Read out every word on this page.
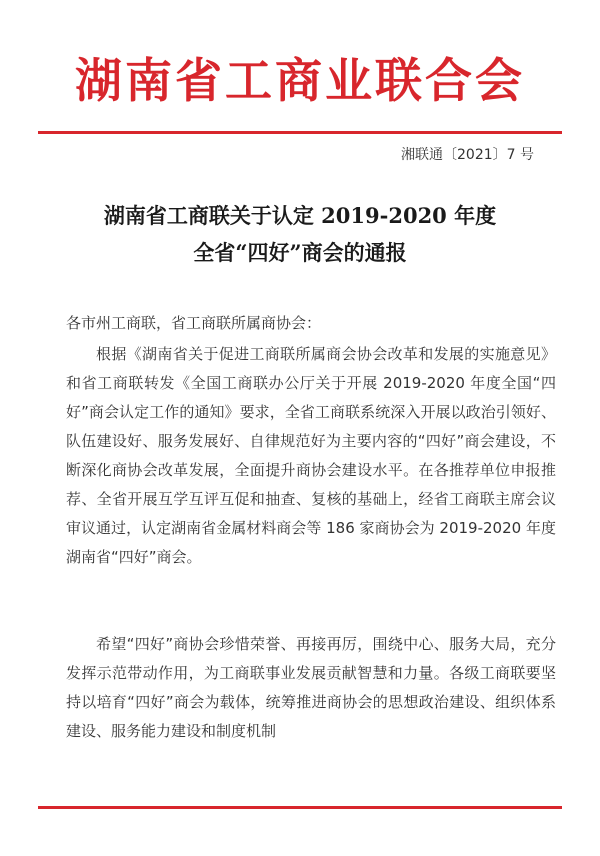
湖南省工商业联合会
湘联通〔2021〕7 号
湖南省工商联关于认定 2019-2020 年度
全省“四好”商会的通报
各市州工商联，省工商联所属商协会：

根据《湖南省关于促进工商联所属商会协会改革和发展的实施意见》和省工商联转发《全国工商联办公厅关于开展 2019-2020 年度全国“四好”商会认定工作的通知》要求，全省工商联系统深入开展以政治引领好、队伍建设好、服务发展好、自律规范好为主要内容的“四好”商会建设，不断深化商协会改革发展，全面提升商协会建设水平。在各推荐单位申报推荐、全省开展互学互评互促和抽查、复核的基础上，经省工商联主席会议审议通过，认定湖南省金属材料商会等 186 家商协会为 2019-2020 年度湖南省“四好”商会。

希望“四好”商协会珍惜荣誉、再接再厉，围绕中心、服务大局，充分发挥示范带动作用，为工商联事业发展贡献智慧和力量。各级工商联要坚持以培育“四好”商会为载体，统筹推进商协会的思想政治建设、组织体系建设、服务能力建设和制度机制
